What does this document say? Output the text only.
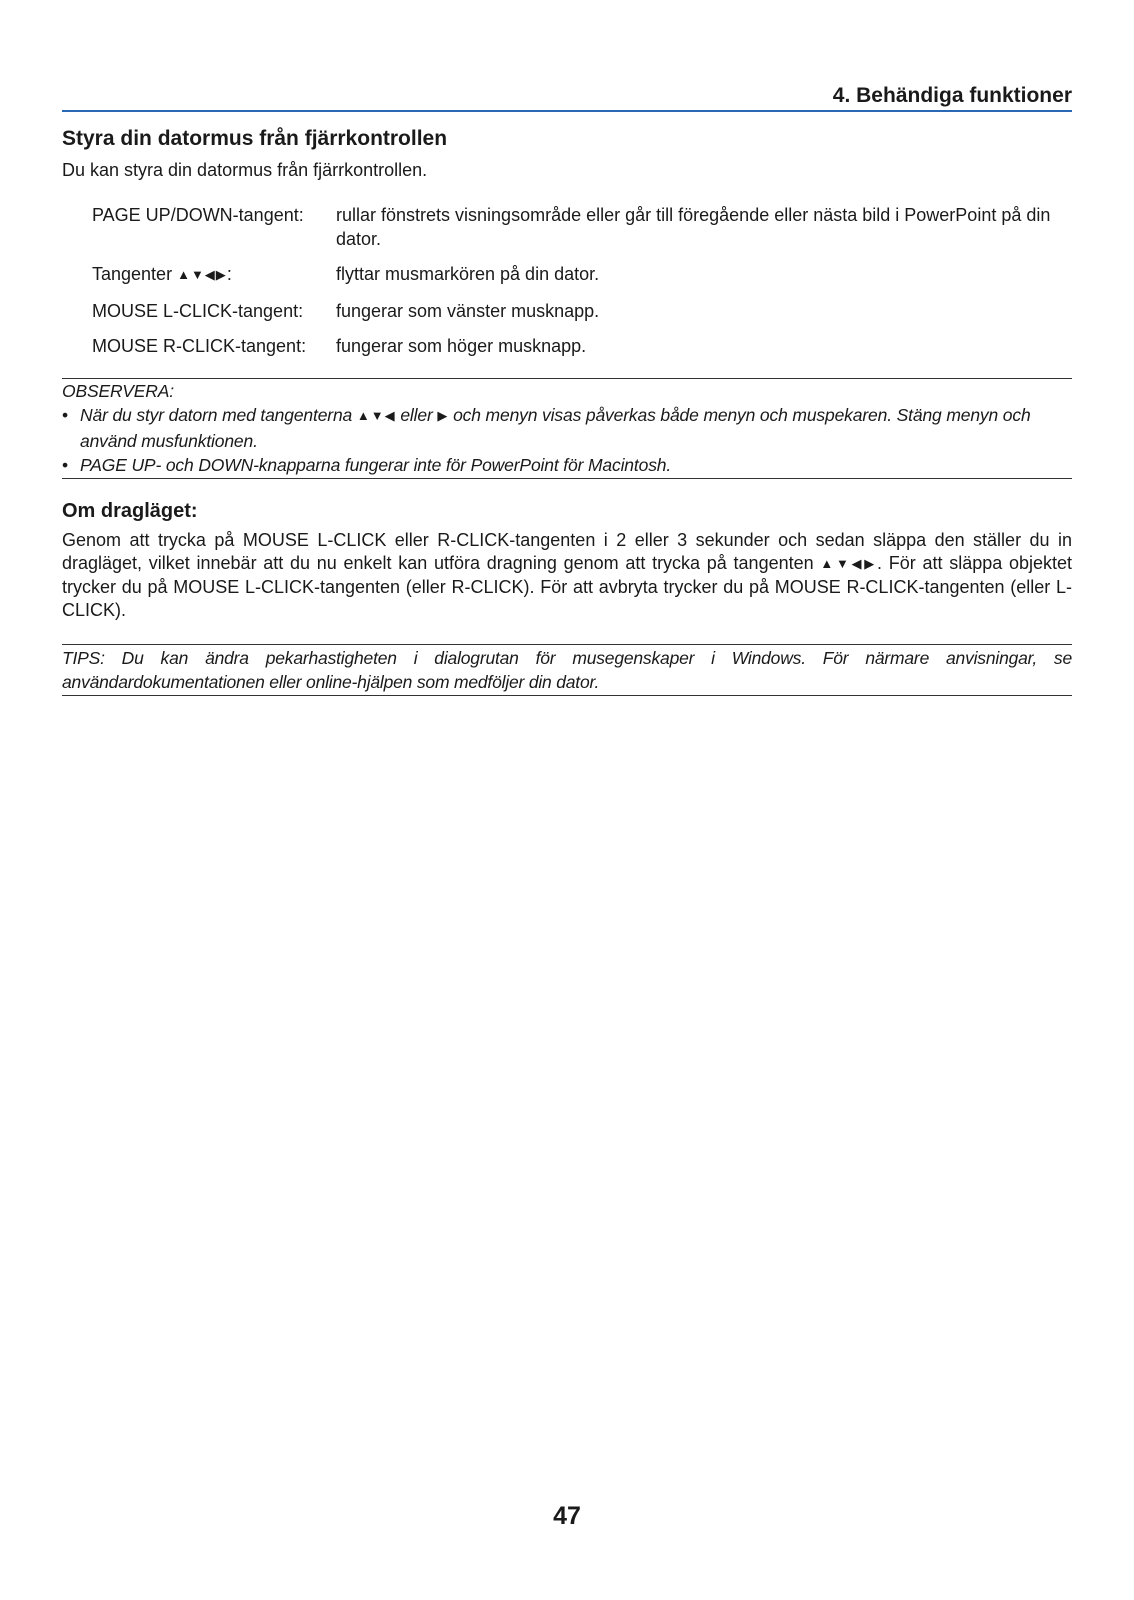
4. Behändiga funktioner
Styra din datormus från fjärrkontrollen
Du kan styra din datormus från fjärrkontrollen.
PAGE UP/DOWN-tangent:	rullar fönstrets visningsområde eller går till föregående eller nästa bild i PowerPoint på din dator.
Tangenter ▲▼◀▶:	flyttar musmarkören på din dator.
MOUSE L-CLICK-tangent:	fungerar som vänster musknapp.
MOUSE R-CLICK-tangent:	fungerar som höger musknapp.
OBSERVERA:
• När du styr datorn med tangenterna ▲▼◀ eller ▶ och menyn visas påverkas både menyn och muspekaren. Stäng menyn och använd musfunktionen.
• PAGE UP- och DOWN-knapparna fungerar inte för PowerPoint för Macintosh.
Om dragläget:
Genom att trycka på MOUSE L-CLICK eller R-CLICK-tangenten i 2 eller 3 sekunder och sedan släppa den ställer du in dragläget, vilket innebär att du nu enkelt kan utföra dragning genom att trycka på tangenten ▲▼◀▶. För att släppa objektet trycker du på MOUSE L-CLICK-tangenten (eller R-CLICK). För att avbryta trycker du på MOUSE R-CLICK-tangenten (eller L-CLICK).
TIPS: Du kan ändra pekarhastigheten i dialogrutan för musegenskaper i Windows. För närmare anvisningar, se användardokumentationen eller online-hjälpen som medföljer din dator.
47
